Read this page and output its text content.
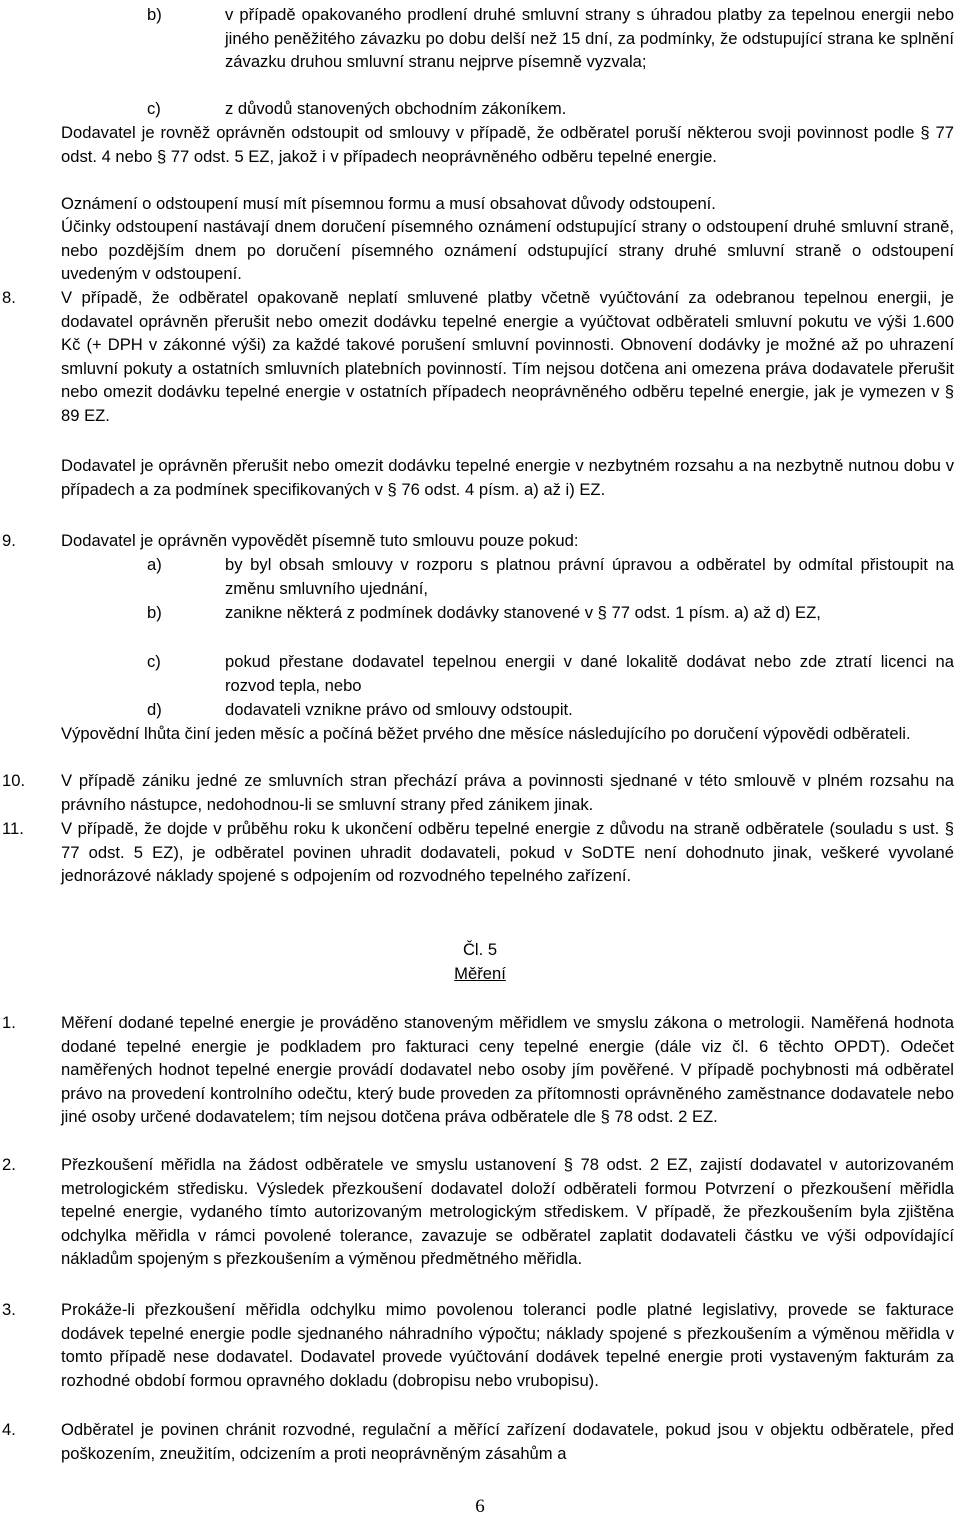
b)	v případě opakovaného prodlení druhé smluvní strany s úhradou platby za tepelnou energii nebo jiného peněžitého závazku po dobu delší než 15 dní, za podmínky, že odstupující strana ke splnění závazku druhou smluvní stranu nejprve písemně vyzvala;

c)	z důvodů stanovených obchodním zákoníkem.

Dodavatel je rovněž oprávněn odstoupit od smlouvy v případě, že odběratel poruší některou svoji povinnost podle § 77 odst. 4 nebo § 77 odst. 5 EZ, jakož i v případech neoprávněného odběru tepelné energie.

Oznámení o odstoupení musí mít písemnou formu a musí obsahovat důvody odstoupení.

Účinky odstoupení nastávají dnem doručení písemného oznámení odstupující strany o odstoupení druhé smluvní straně, nebo pozdějším dnem po doručení písemného oznámení odstupující strany druhé smluvní straně o odstoupení uvedeným v odstoupení.

8.	V případě, že odběratel opakovaně neplatí smluvené platby včetně vyúčtování za odebranou tepelnou energii, je dodavatel oprávněn přerušit nebo omezit dodávku tepelné energie a vyúčtovat odběrateli smluvní pokutu ve výši 1.600 Kč (+ DPH v zákonné výši) za každé takové porušení smluvní povinnosti. Obnovení dodávky je možné až po uhrazení smluvní pokuty a ostatních smluvních platebních povinností. Tím nejsou dotčena ani omezena práva dodavatele přerušit nebo omezit dodávku tepelné energie v ostatních případech neoprávněného odběru tepelné energie, jak je vymezen v § 89 EZ.

Dodavatel je oprávněn přerušit nebo omezit dodávku tepelné energie v nezbytném rozsahu a na nezbytně nutnou dobu v případech a za podmínek specifikovaných v § 76 odst. 4 písm. a) až i) EZ.

9.	Dodavatel je oprávněn vypovědět písemně tuto smlouvu pouze pokud:

a)	by byl obsah smlouvy v rozporu s platnou právní úpravou a odběratel by odmítal přistoupit na změnu smluvního ujednání,

b)	zanikne některá z podmínek dodávky stanovené v § 77 odst. 1 písm. a) až d) EZ,

c)	pokud přestane dodavatel tepelnou energii v dané lokalitě dodávat nebo zde ztratí licenci na rozvod tepla, nebo

d)	dodavateli vznikne právo od smlouvy odstoupit.

Výpovědní lhůta činí jeden měsíc a počíná běžet prvého dne měsíce následujícího po doručení výpovědi odběrateli.

10. V případě zániku jedné ze smluvních stran přechází práva a povinnosti sjednané v této smlouvě v plném rozsahu na právního nástupce, nedohodnou-li se smluvní strany před zánikem jinak.

11. V případě, že dojde v průběhu roku k ukončení odběru tepelné energie z důvodu na straně odběratele (souladu s ust. § 77 odst. 5 EZ), je odběratel povinen uhradit dodavateli, pokud v SoDTE není dohodnuto jinak, veškeré vyvolané jednorázové náklady spojené s odpojením od rozvodného tepelného zařízení.

Čl. 5
Měření
1.	Měření dodané tepelné energie je prováděno stanoveným měřidlem ve smyslu zákona o metrologii. Naměřená hodnota dodané tepelné energie je podkladem pro fakturaci ceny tepelné energie (dále viz čl. 6 těchto OPDT). Odečet naměřených hodnot tepelné energie provádí dodavatel nebo osoby jím pověřené. V případě pochybnosti má odběratel právo na provedení kontrolního odečtu, který bude proveden za přítomnosti oprávněného zaměstnance dodavatele nebo jiné osoby určené dodavatelem; tím nejsou dotčena práva odběratele dle § 78 odst. 2 EZ.

2.	Přezkoušení měřidla na žádost odběratele ve smyslu ustanovení § 78 odst. 2 EZ, zajistí dodavatel v autorizovaném metrologickém středisku. Výsledek přezkoušení dodavatel doloží odběrateli formou Potvrzení o přezkoušení měřidla tepelné energie, vydaného tímto autorizovaným metrologickým střediskem. V případě, že přezkoušením byla zjištěna odchylka měřidla v rámci povolené tolerance, zavazuje se odběratel zaplatit dodavateli částku ve výši odpovídající nákladům spojeným s přezkoušením a výměnou předmětného měřidla.

3.	Prokáže-li přezkoušení měřidla odchylku mimo povolenou toleranci podle platné legislativy, provede se fakturace dodávek tepelné energie podle sjednaného náhradního výpočtu; náklady spojené s přezkoušením a výměnou měřidla v tomto případě nese dodavatel. Dodavatel provede vyúčtování dodávek tepelné energie proti vystaveným fakturám za rozhodné období formou opravného dokladu (dobropisu nebo vrubopisu).

4.	Odběratel je povinen chránit rozvodné, regulační a měřící zařízení dodavatele, pokud jsou v objektu odběratele, před poškozením, zneužitím, odcizením a proti neoprávněným zásahům a

6
